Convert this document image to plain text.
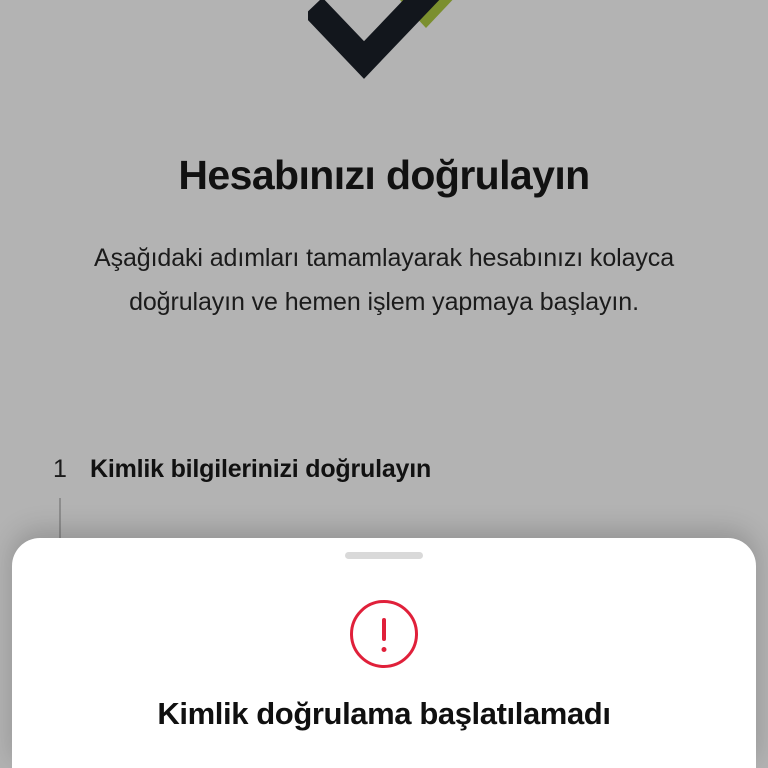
Hesabınızı doğrulayın
Aşağıdaki adımları tamamlayarak hesabınızı kolayca doğrulayın ve hemen işlem yapmaya başlayın.
1 Kimlik bilgilerinizi doğrulayın
Kimlik doğrulama başlatılamadı
